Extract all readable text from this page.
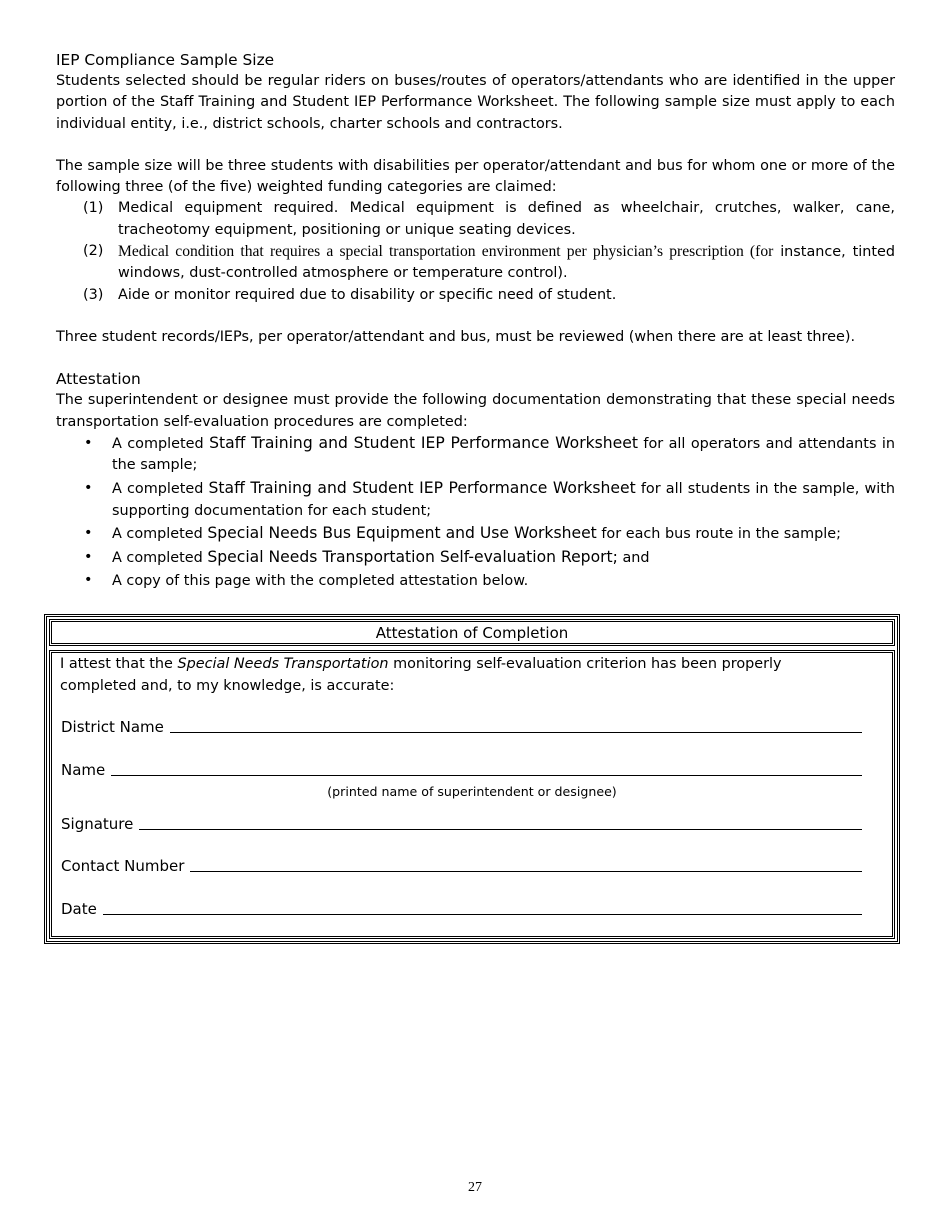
IEP Compliance Sample Size
Students selected should be regular riders on buses/routes of operators/attendants who are identified in the upper portion of the Staff Training and Student IEP Performance Worksheet. The following sample size must apply to each individual entity, i.e., district schools, charter schools and contractors.
The sample size will be three students with disabilities per operator/attendant and bus for whom one or more of the following three (of the five) weighted funding categories are claimed:
(1) Medical equipment required. Medical equipment is defined as wheelchair, crutches, walker, cane, tracheotomy equipment, positioning or unique seating devices.
(2) Medical condition that requires a special transportation environment per physician’s prescription (for instance, tinted windows, dust-controlled atmosphere or temperature control).
(3) Aide or monitor required due to disability or specific need of student.
Three student records/IEPs, per operator/attendant and bus, must be reviewed (when there are at least three).
Attestation
The superintendent or designee must provide the following documentation demonstrating that these special needs transportation self-evaluation procedures are completed:
• A completed Staff Training and Student IEP Performance Worksheet for all operators and attendants in the sample;
• A completed Staff Training and Student IEP Performance Worksheet for all students in the sample, with supporting documentation for each student;
• A completed Special Needs Bus Equipment and Use Worksheet for each bus route in the sample;
• A completed Special Needs Transportation Self-evaluation Report; and
• A copy of this page with the completed attestation below.
Attestation of Completion
I attest that the Special Needs Transportation monitoring self-evaluation criterion has been properly completed and, to my knowledge, is accurate:
District Name
Name
(printed name of superintendent or designee)
Signature
Contact Number
Date
27
